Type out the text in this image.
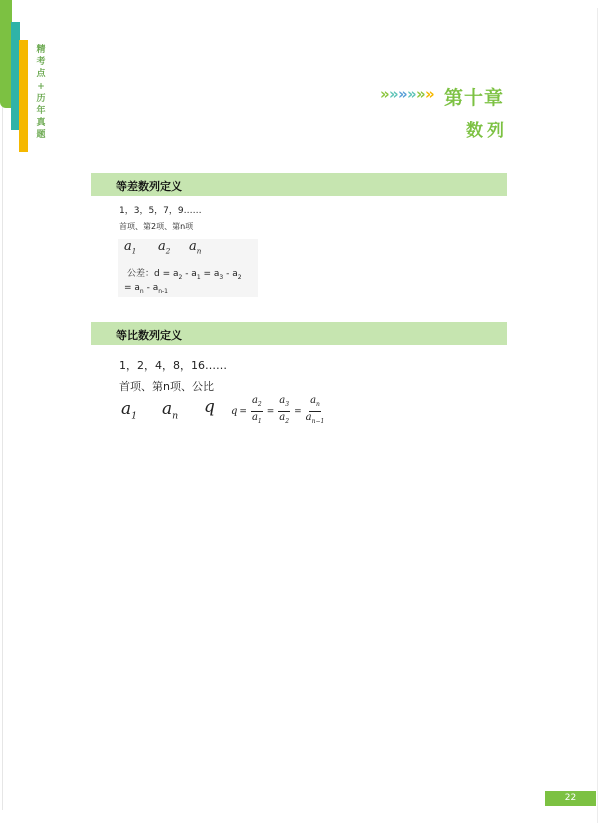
精
考
点
+
历
年
真
题
» » » » » » 第十章
数列
等差数列定义
1，3，5，7，9……
首项、第2项、第n项
$a_1$ $a_2$ $a_n$
公差：$d = a_2 - a_1 = a_3 - a_2$
= $a_n - a_{n-1}$
等比数列定义
1，2，4，8，16……
首项、第n项、公比
$a_1$ $a_n$ q $q = \frac{a_2}{a_1} = \frac{a_3}{a_2} = \frac{a_n}{a_{n-1}}$
22
